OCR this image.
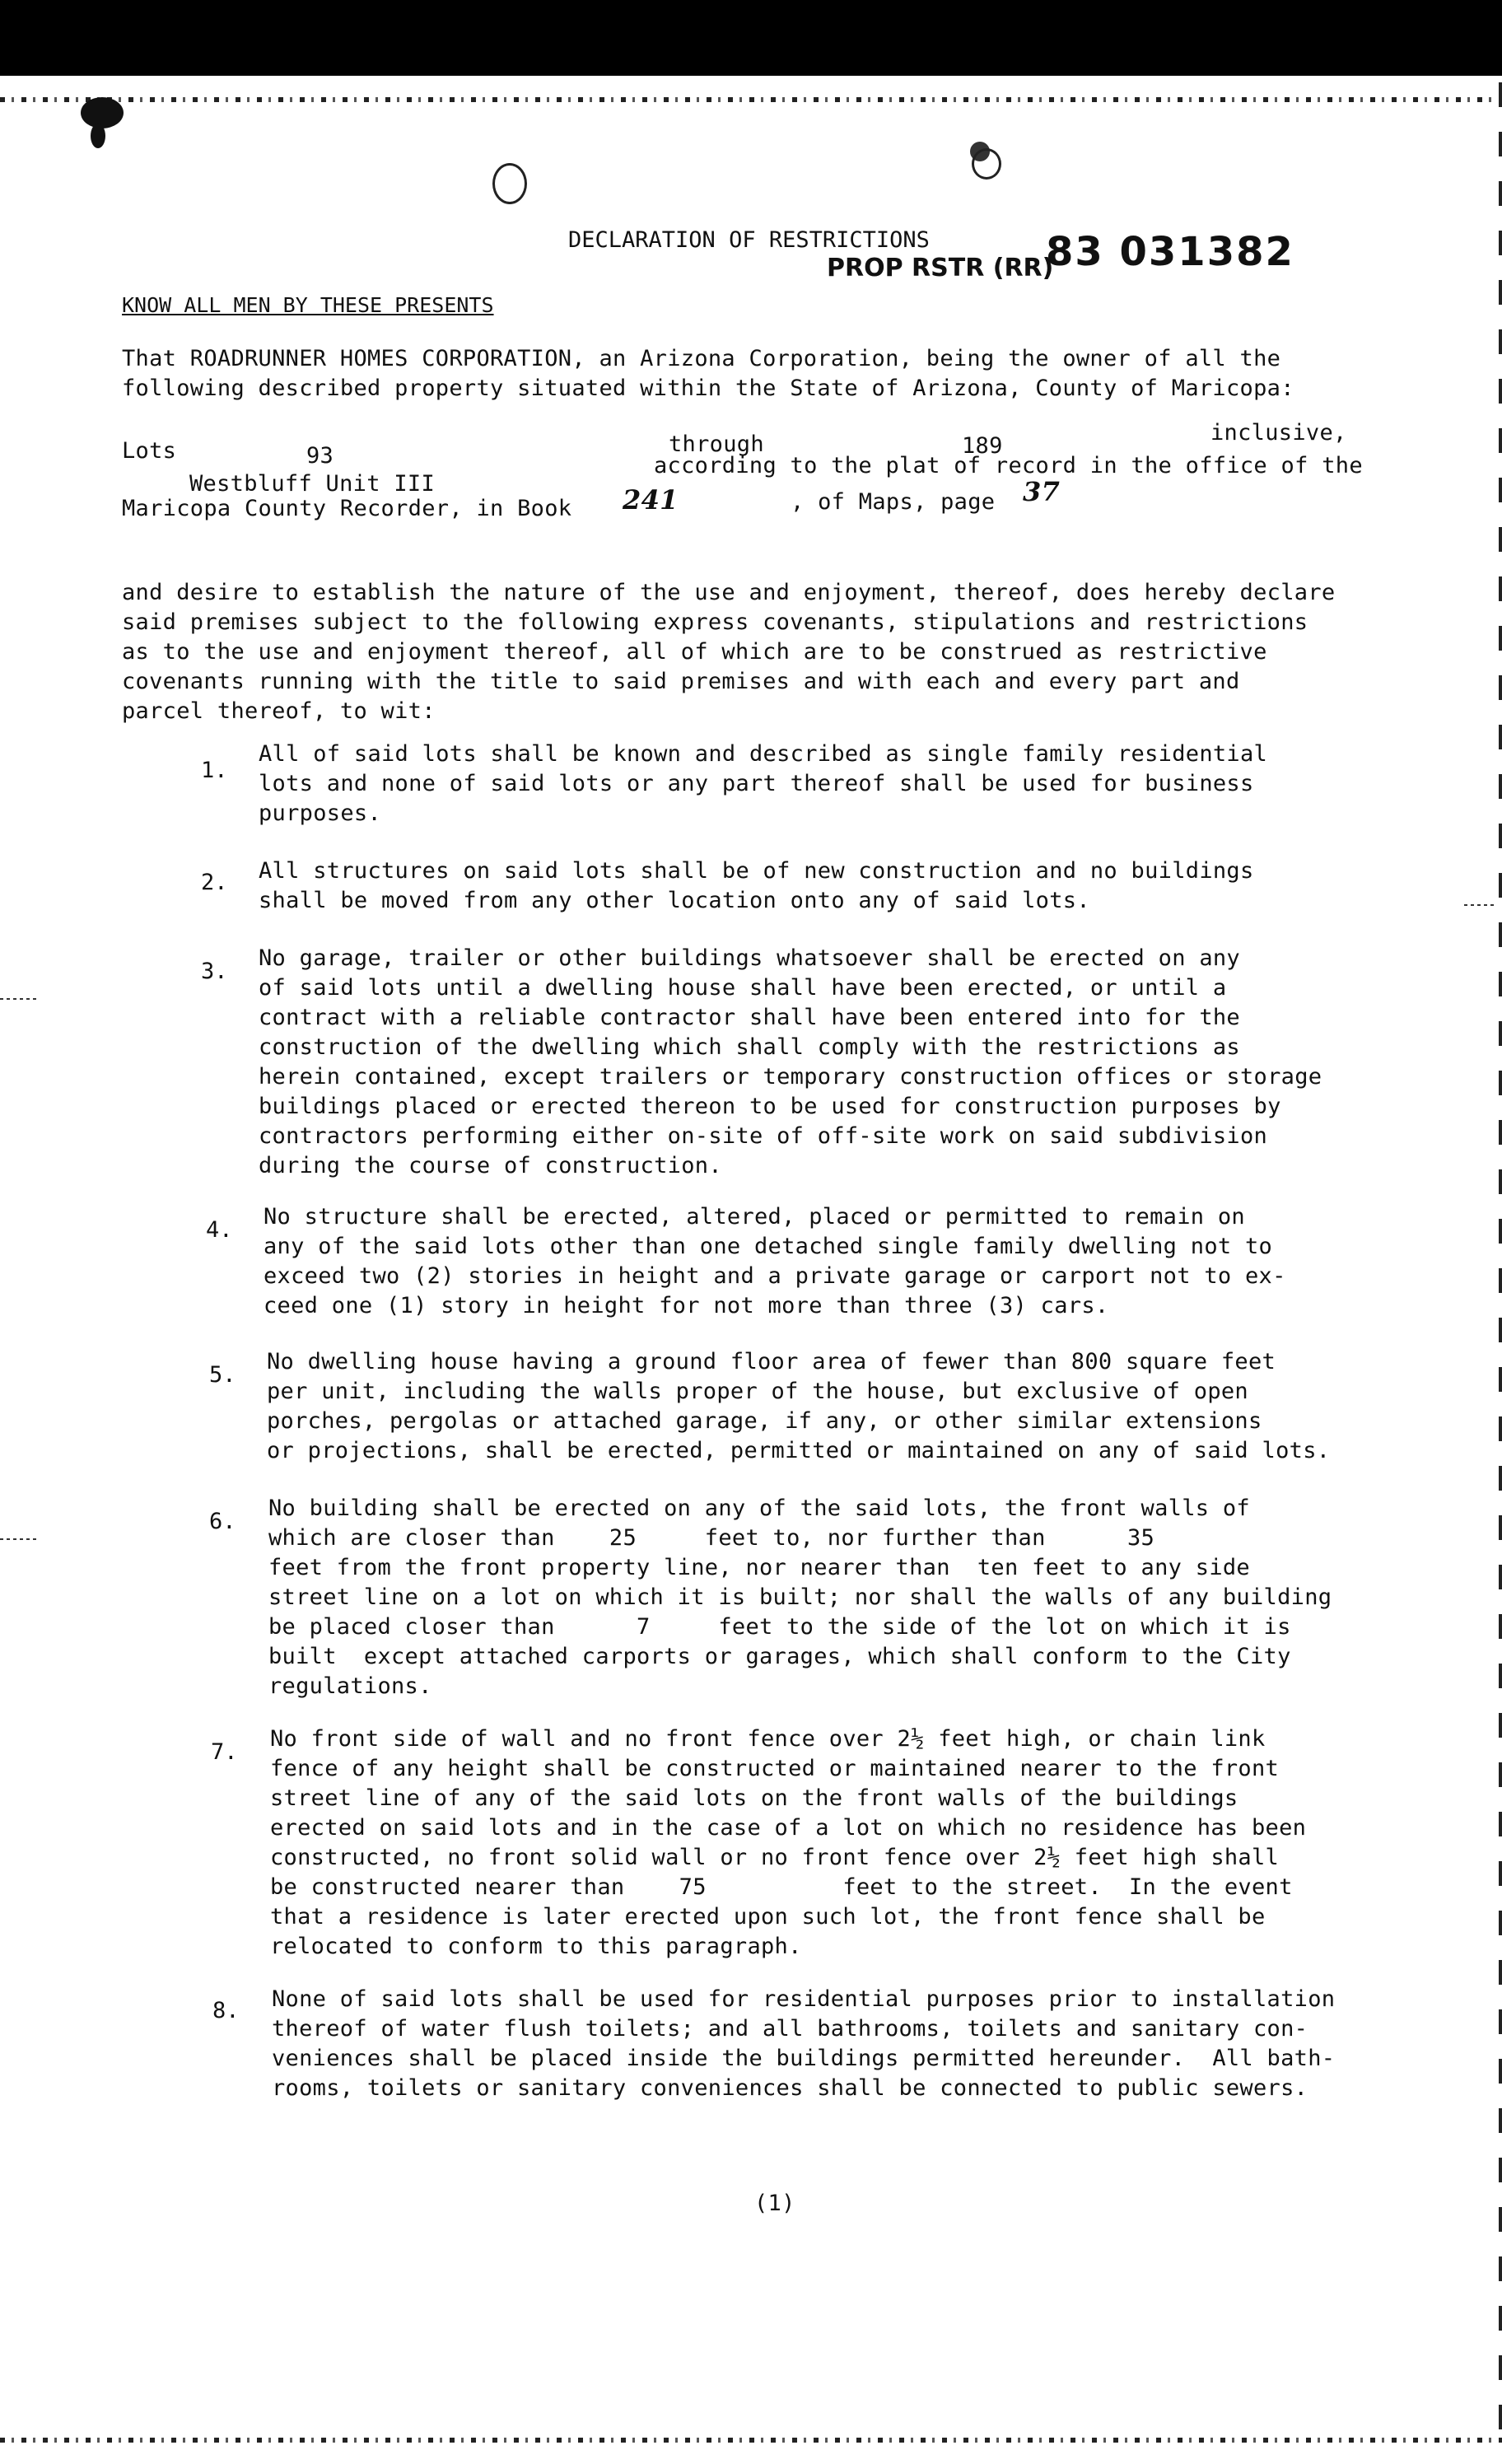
DECLARATION OF RESTRICTIONS
PROP RSTR (RR)
83 031382
KNOW ALL MEN BY THESE PRESENTS
That ROADRUNNER HOMES CORPORATION, an Arizona Corporation, being the owner of all the
following described property situated within the State of Arizona, County of Maricopa:
Lots	93	through	189
inclusive,
Westbluff Unit III
according to the plat of record in the office of the
Maricopa County Recorder, in Book 241	, of Maps, page 37
and desire to establish the nature of the use and enjoyment, thereof, does hereby declare
said premises subject to the following express covenants, stipulations and restrictions
as to the use and enjoyment thereof, all of which are to be construed as restrictive
covenants running with the title to said premises and with each and every part and
parcel thereof, to wit:
1.
All of said lots shall be known and described as single family residential
lots and none of said lots or any part thereof shall be used for business
purposes.
2. All structures on said lots shall be of new construction and no buildings
shall be moved from any other location onto any of said lots.
3.
No garage, trailer or other buildings whatsoever shall be erected on any
of said lots until a dwelling house shall have been erected, or until a
contract with a reliable contractor shall have been entered into for the
construction of the dwelling which shall comply with the restrictions as
herein contained, except trailers or temporary construction offices or storage
buildings placed or erected thereon to be used for construction purposes by
contractors performing either on-site of off-site work on said subdivision
during the course of construction.
4.
No structure shall be erected, altered, placed or permitted to remain on
any of the said lots other than one detached single family dwelling not to
exceed two (2) stories in height and a private garage or carport not to ex-
ceed one (1) story in height for not more than three (3) cars.
5.
No dwelling house having a ground floor area of fewer than 800 square feet
per unit, including the walls proper of the house, but exclusive of open
porches, pergolas or attached garage, if any, or other similar extensions
or projections, shall be erected, permitted or maintained on any of said lots.
6.
No building shall be erected on any of the said lots, the front walls of
which are closer than    25     feet to, nor further than      35
feet from the front property line, nor nearer than  ten feet to any side
street line on a lot on which it is built; nor shall the walls of any building
be placed closer than      7     feet to the side of the lot on which it is
built  except attached carports or garages, which shall conform to the City
regulations.
7.
No front side of wall and no front fence over 2½ feet high, or chain link
fence of any height shall be constructed or maintained nearer to the front
street line of any of the said lots on the front walls of the buildings
erected on said lots and in the case of a lot on which no residence has been
constructed, no front solid wall or no front fence over 2½ feet high shall
be constructed nearer than    75          feet to the street.  In the event
that a residence is later erected upon such lot, the front fence shall be
relocated to conform to this paragraph.
8. None of said lots shall be used for residential purposes prior to installation
thereof of water flush toilets; and all bathrooms, toilets and sanitary con-
veniences shall be placed inside the buildings permitted hereunder.  All bath-
rooms, toilets or sanitary conveniences shall be connected to public sewers.
(1)
